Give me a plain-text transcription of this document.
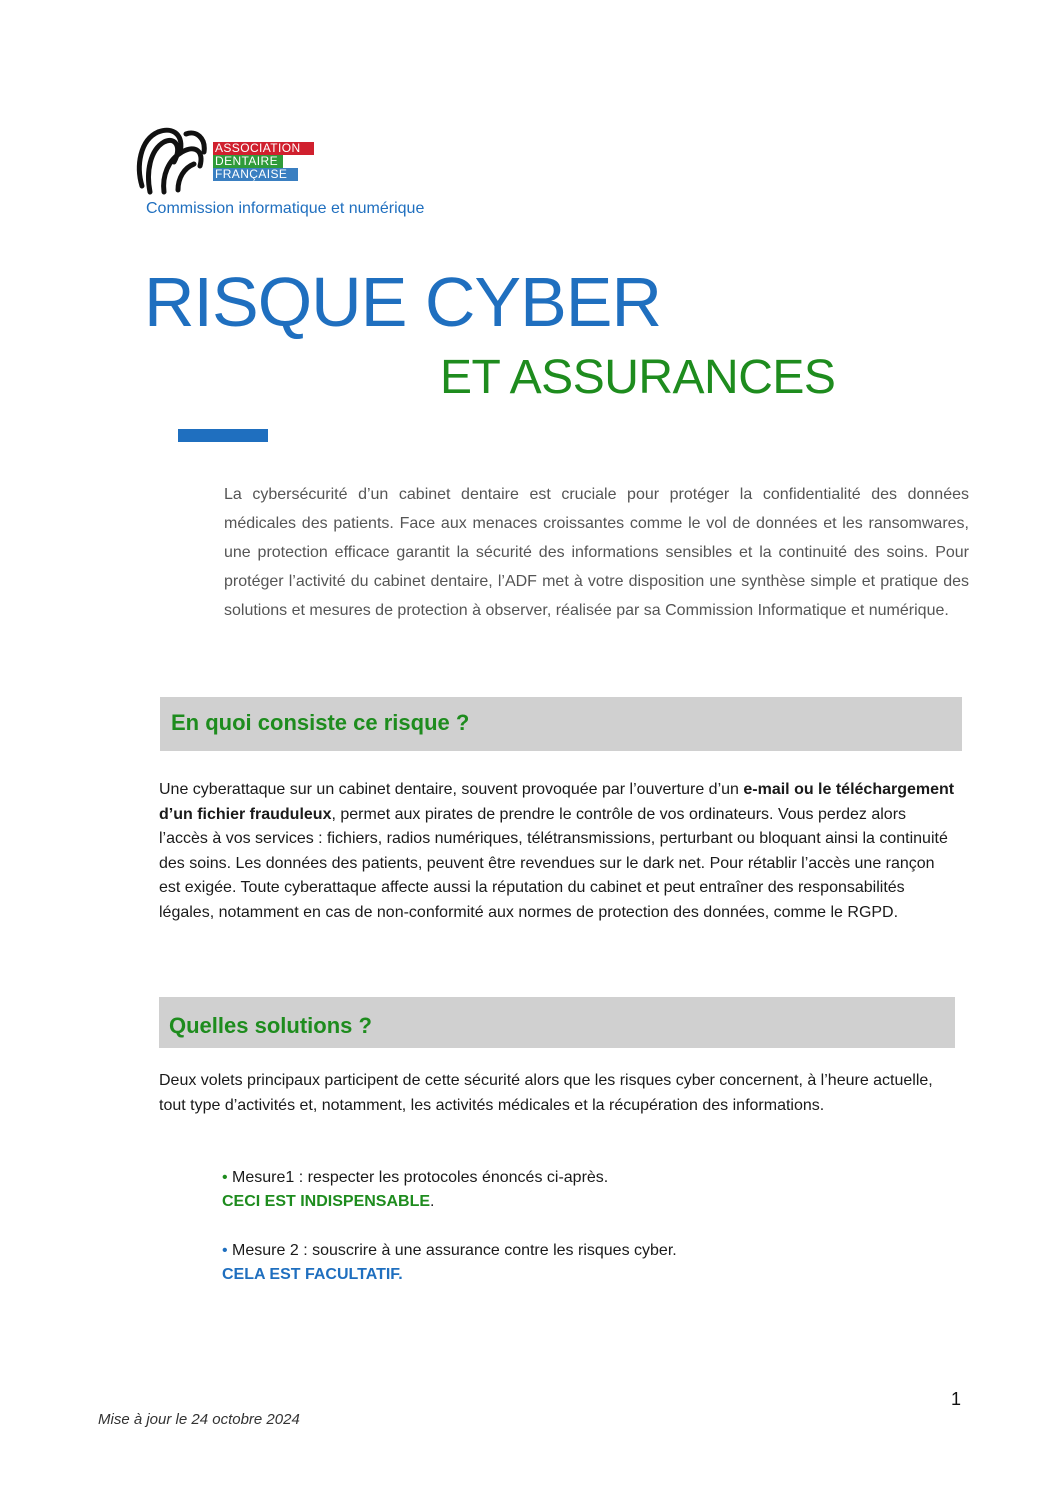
ASSOCIATION
DENTAIRE
FRANÇAISE
Commission informatique et numérique
RISQUE CYBER
ET ASSURANCES
La cybersécurité d’un cabinet dentaire est cruciale pour protéger la confidentialité des données médicales des patients. Face aux menaces croissantes comme le vol de données et les ransomwares, une protection efficace garantit la sécurité des informations sensibles et la continuité des soins. Pour protéger l’activité du cabinet dentaire, l’ADF met à votre disposition une synthèse simple et pratique des solutions et mesures de protection à observer, réalisée par sa Commission Informatique et numérique.
En quoi consiste ce risque ?
Une cyberattaque sur un cabinet dentaire, souvent provoquée par l’ouverture d’un e-mail ou le téléchargement d’un fichier frauduleux, permet aux pirates de prendre le contrôle de vos ordinateurs. Vous perdez alors l’accès à vos services : fichiers, radios numériques, télétransmissions, perturbant ou bloquant ainsi la continuité des soins. Les données des patients, peuvent être revendues sur le dark net. Pour rétablir l’accès une rançon est exigée. Toute cyberattaque affecte aussi la réputation du cabinet et peut entraîner des responsabilités légales, notamment en cas de non-conformité aux normes de protection des données, comme le RGPD.
Quelles solutions ?
Deux volets principaux participent de cette sécurité alors que les risques cyber concernent, à l’heure actuelle, tout type d’activités et, notamment, les activités médicales et la récupération des informations.
• Mesure1 : respecter les protocoles énoncés ci-après.
CECI EST INDISPENSABLE.
• Mesure 2 : souscrire à une assurance contre les risques cyber.
CELA EST FACULTATIF.
1
Mise à jour le 24 octobre 2024
